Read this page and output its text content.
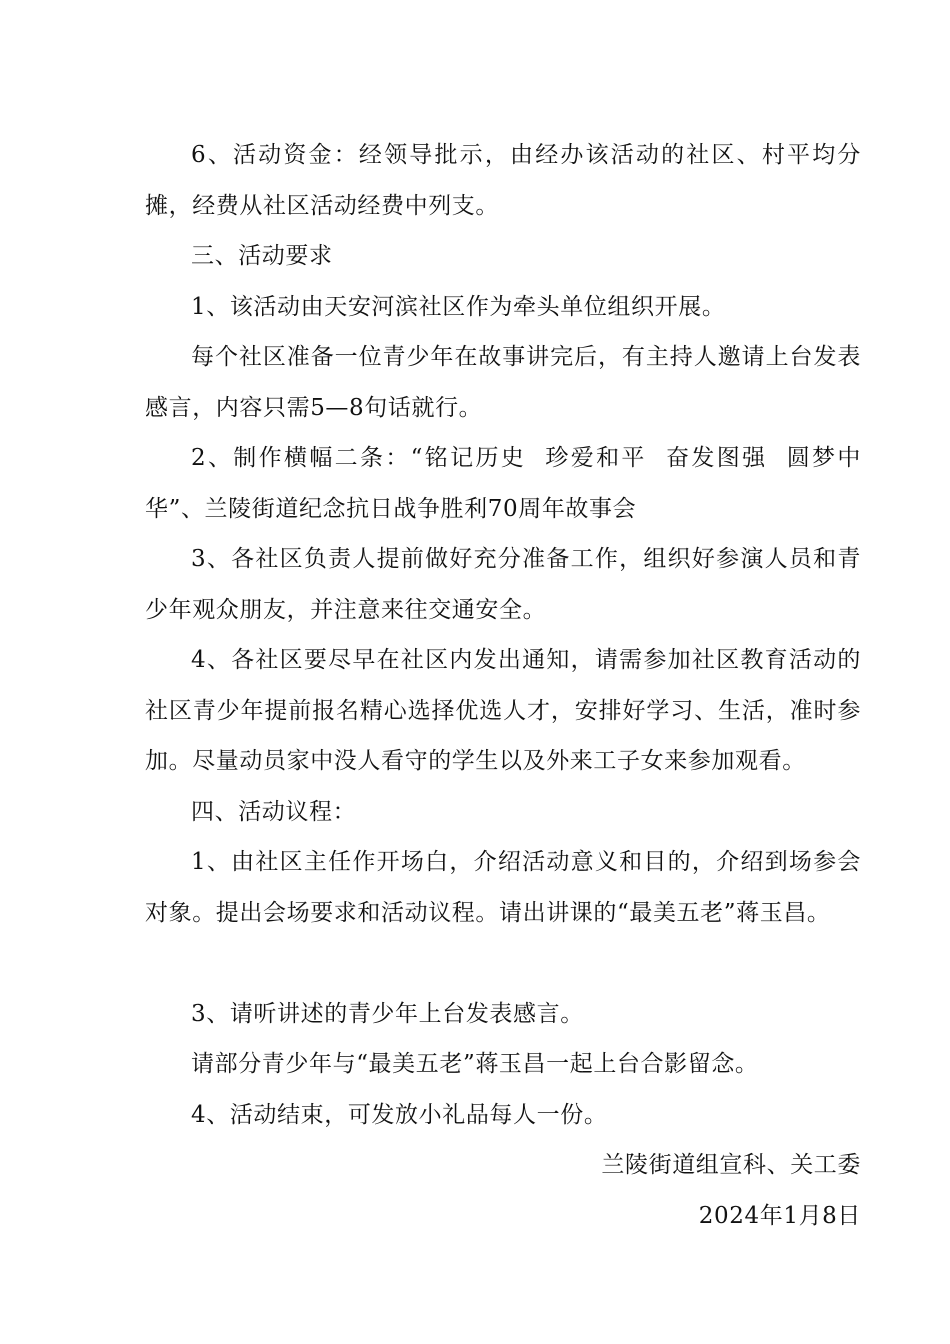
6、活动资金：经领导批示，由经办该活动的社区、村平均分摊，经费从社区活动经费中列支。

三、活动要求

1、该活动由天安河滨社区作为牵头单位组织开展。

每个社区准备一位青少年在故事讲完后，有主持人邀请上台发表感言，内容只需5—8句话就行。

2、制作横幅二条：“铭记历史  珍爱和平  奋发图强  圆梦中华”、兰陵街道纪念抗日战争胜利70周年故事会

3、各社区负责人提前做好充分准备工作，组织好参演人员和青少年观众朋友，并注意来往交通安全。

4、各社区要尽早在社区内发出通知，请需参加社区教育活动的社区青少年提前报名精心选择优选人才，安排好学习、生活，准时参加。尽量动员家中没人看守的学生以及外来工子女来参加观看。

四、活动议程：

1、由社区主任作开场白，介绍活动意义和目的，介绍到场参会对象。提出会场要求和活动议程。请出讲课的“最美五老”蒋玉昌。

3、请听讲述的青少年上台发表感言。

请部分青少年与“最美五老”蒋玉昌一起上台合影留念。

4、活动结束，可发放小礼品每人一份。

兰陵街道组宣科、关工委

2024年1月8日
